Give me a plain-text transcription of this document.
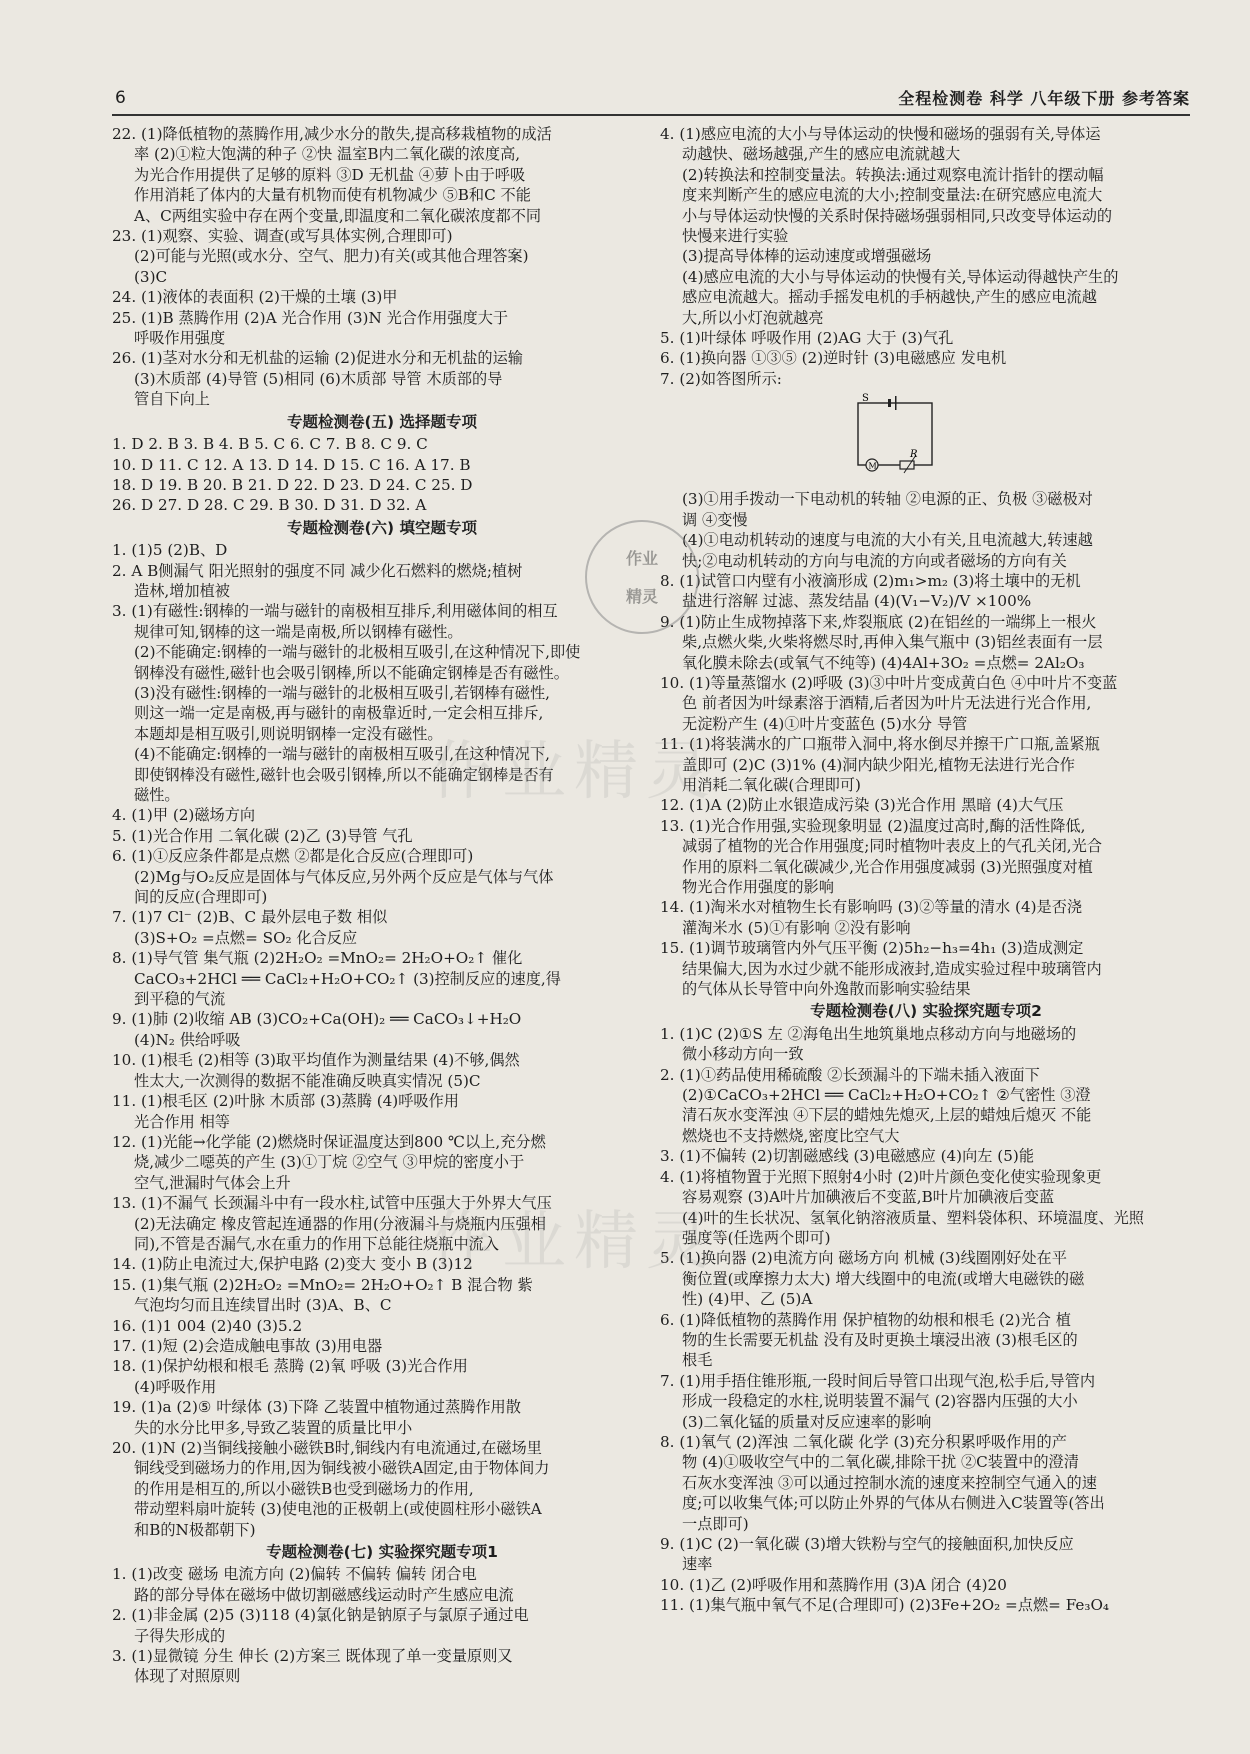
6	全程检测卷 科学 八年级下册 参考答案
22. (1)降低植物的蒸腾作用,减少水分的散失,提高移栽植物的成活
率 (2)①粒大饱满的种子 ②快 温室B内二氧化碳的浓度高,
为光合作用提供了足够的原料 ③D 无机盐 ④萝卜由于呼吸
作用消耗了体内的大量有机物而使有机物减少 ⑤B和C 不能
A、C两组实验中存在两个变量,即温度和二氧化碳浓度都不同
23. (1)观察、实验、调查(或写具体实例,合理即可)
(2)可能与光照(或水分、空气、肥力)有关(或其他合理答案)
(3)C
24. (1)液体的表面积 (2)干燥的土壤 (3)甲
25. (1)B 蒸腾作用 (2)A 光合作用 (3)N 光合作用强度大于
呼吸作用强度
26. (1)茎对水分和无机盐的运输 (2)促进水分和无机盐的运输
(3)木质部 (4)导管 (5)相同 (6)木质部 导管 木质部的导
管自下向上
专题检测卷(五) 选择题专项
1. D 2. B 3. B 4. B 5. C 6. C 7. B 8. C 9. C
10. D 11. C 12. A 13. D 14. D 15. C 16. A 17. B
18. D 19. B 20. B 21. D 22. D 23. D 24. C 25. D
26. D 27. D 28. C 29. B 30. D 31. D 32. A
专题检测卷(六) 填空题专项
1. (1)5 (2)B、D
2. A B侧漏气 阳光照射的强度不同 减少化石燃料的燃烧;植树
造林,增加植被
3. (1)有磁性:钢棒的一端与磁针的南极相互排斥,利用磁体间的相互
规律可知,钢棒的这一端是南极,所以钢棒有磁性。
(2)不能确定:钢棒的一端与磁针的北极相互吸引,在这种情况下,即使
钢棒没有磁性,磁针也会吸引钢棒,所以不能确定钢棒是否有磁性。
(3)没有磁性:钢棒的一端与磁针的北极相互吸引,若钢棒有磁性,
则这一端一定是南极,再与磁针的南极靠近时,一定会相互排斥,
本题却是相互吸引,则说明钢棒一定没有磁性。
(4)不能确定:钢棒的一端与磁针的南极相互吸引,在这种情况下,
即使钢棒没有磁性,磁针也会吸引钢棒,所以不能确定钢棒是否有
磁性。
4. (1)甲 (2)磁场方向
5. (1)光合作用 二氧化碳 (2)乙 (3)导管 气孔
6. (1)①反应条件都是点燃 ②都是化合反应(合理即可)
(2)Mg与O₂反应是固体与气体反应,另外两个反应是气体与气体
间的反应(合理即可)
7. (1)7 Cl⁻ (2)B、C 最外层电子数 相似
(3)S+O₂ =点燃= SO₂ 化合反应
8. (1)导气管 集气瓶 (2)2H₂O₂ =MnO₂= 2H₂O+O₂↑ 催化
CaCO₃+2HCl ══ CaCl₂+H₂O+CO₂↑ (3)控制反应的速度,得
到平稳的气流
9. (1)肺 (2)收缩 AB (3)CO₂+Ca(OH)₂ ══ CaCO₃↓+H₂O
(4)N₂ 供给呼吸
10. (1)根毛 (2)相等 (3)取平均值作为测量结果 (4)不够,偶然
性太大,一次测得的数据不能准确反映真实情况 (5)C
11. (1)根毛区 (2)叶脉 木质部 (3)蒸腾 (4)呼吸作用
光合作用 相等
12. (1)光能→化学能 (2)燃烧时保证温度达到800 ℃以上,充分燃
烧,减少二噁英的产生 (3)①丁烷 ②空气 ③甲烷的密度小于
空气,泄漏时气体会上升
13. (1)不漏气 长颈漏斗中有一段水柱,试管中压强大于外界大气压
(2)无法确定 橡皮管起连通器的作用(分液漏斗与烧瓶内压强相
同),不管是否漏气,水在重力的作用下总能往烧瓶中流入
14. (1)防止电流过大,保护电路 (2)变大 变小 B (3)12
15. (1)集气瓶 (2)2H₂O₂ =MnO₂= 2H₂O+O₂↑ B 混合物 紫
气泡均匀而且连续冒出时 (3)A、B、C
16. (1)1 004 (2)40 (3)5.2
17. (1)短 (2)会造成触电事故 (3)用电器
18. (1)保护幼根和根毛 蒸腾 (2)氧 呼吸 (3)光合作用
(4)呼吸作用
19. (1)a (2)⑤ 叶绿体 (3)下降 乙装置中植物通过蒸腾作用散
失的水分比甲多,导致乙装置的质量比甲小
20. (1)N (2)当铜线接触小磁铁B时,铜线内有电流通过,在磁场里
铜线受到磁场力的作用,因为铜线被小磁铁A固定,由于物体间力
的作用是相互的,所以小磁铁B也受到磁场力的作用,
带动塑料扇叶旋转 (3)使电池的正极朝上(或使圆柱形小磁铁A
和B的N极都朝下)
专题检测卷(七) 实验探究题专项1
1. (1)改变 磁场 电流方向 (2)偏转 不偏转 偏转 闭合电
路的部分导体在磁场中做切割磁感线运动时产生感应电流
2. (1)非金属 (2)5 (3)118 (4)氯化钠是钠原子与氯原子通过电
子得失形成的
3. (1)显微镜 分生 伸长 (2)方案三 既体现了单一变量原则又
体现了对照原则
4. (1)感应电流的大小与导体运动的快慢和磁场的强弱有关,导体运
动越快、磁场越强,产生的感应电流就越大
(2)转换法和控制变量法。转换法:通过观察电流计指针的摆动幅
度来判断产生的感应电流的大小;控制变量法:在研究感应电流大
小与导体运动快慢的关系时保持磁场强弱相同,只改变导体运动的
快慢来进行实验
(3)提高导体棒的运动速度或增强磁场
(4)感应电流的大小与导体运动的快慢有关,导体运动得越快产生的
感应电流越大。摇动手摇发电机的手柄越快,产生的感应电流越
大,所以小灯泡就越亮
5. (1)叶绿体 呼吸作用 (2)AG 大于 (3)气孔
6. (1)换向器 ①③⑤ (2)逆时针 (3)电磁感应 发电机
7. (2)如答图所示:
S
R
M
(3)①用手拨动一下电动机的转轴 ②电源的正、负极 ③磁极对
调 ④变慢
(4)①电动机转动的速度与电流的大小有关,且电流越大,转速越
快;②电动机转动的方向与电流的方向或者磁场的方向有关
8. (1)试管口内壁有小液滴形成 (2)m₁>m₂ (3)将土壤中的无机
盐进行溶解 过滤、蒸发结晶 (4)(V₁−V₂)/V ×100%
9. (1)防止生成物掉落下来,炸裂瓶底 (2)在铝丝的一端绑上一根火
柴,点燃火柴,火柴将燃尽时,再伸入集气瓶中 (3)铝丝表面有一层
氧化膜未除去(或氧气不纯等) (4)4Al+3O₂ =点燃= 2Al₂O₃
10. (1)等量蒸馏水 (2)呼吸 (3)③中叶片变成黄白色 ④中叶片不变蓝
色 前者因为叶绿素溶于酒精,后者因为叶片无法进行光合作用,
无淀粉产生 (4)①叶片变蓝色 (5)水分 导管
11. (1)将装满水的广口瓶带入洞中,将水倒尽并擦干广口瓶,盖紧瓶
盖即可 (2)C (3)1% (4)洞内缺少阳光,植物无法进行光合作
用消耗二氧化碳(合理即可)
12. (1)A (2)防止水银造成污染 (3)光合作用 黑暗 (4)大气压
13. (1)光合作用强,实验现象明显 (2)温度过高时,酶的活性降低,
减弱了植物的光合作用强度;同时植物叶表皮上的气孔关闭,光合
作用的原料二氧化碳减少,光合作用强度减弱 (3)光照强度对植
物光合作用强度的影响
14. (1)淘米水对植物生长有影响吗 (3)②等量的清水 (4)是否浇
灌淘米水 (5)①有影响 ②没有影响
15. (1)调节玻璃管内外气压平衡 (2)5h₂−h₃=4h₁ (3)造成测定
结果偏大,因为水过少就不能形成液封,造成实验过程中玻璃管内
的气体从长导管中向外逸散而影响实验结果
专题检测卷(八) 实验探究题专项2
1. (1)C (2)①S 左 ②海龟出生地筑巢地点移动方向与地磁场的
微小移动方向一致
2. (1)①药品使用稀硫酸 ②长颈漏斗的下端未插入液面下
(2)①CaCO₃+2HCl ══ CaCl₂+H₂O+CO₂↑ ②气密性 ③澄
清石灰水变浑浊 ④下层的蜡烛先熄灭,上层的蜡烛后熄灭 不能
燃烧也不支持燃烧,密度比空气大
3. (1)不偏转 (2)切割磁感线 (3)电磁感应 (4)向左 (5)能
4. (1)将植物置于光照下照射4小时 (2)叶片颜色变化使实验现象更
容易观察 (3)A叶片加碘液后不变蓝,B叶片加碘液后变蓝
(4)叶的生长状况、氢氧化钠溶液质量、塑料袋体积、环境温度、光照
强度等(任选两个即可)
5. (1)换向器 (2)电流方向 磁场方向 机械 (3)线圈刚好处在平
衡位置(或摩擦力太大) 增大线圈中的电流(或增大电磁铁的磁
性) (4)甲、乙 (5)A
6. (1)降低植物的蒸腾作用 保护植物的幼根和根毛 (2)光合 植
物的生长需要无机盐 没有及时更换土壤浸出液 (3)根毛区的
根毛
7. (1)用手捂住锥形瓶,一段时间后导管口出现气泡,松手后,导管内
形成一段稳定的水柱,说明装置不漏气 (2)容器内压强的大小
(3)二氧化锰的质量对反应速率的影响
8. (1)氧气 (2)浑浊 二氧化碳 化学 (3)充分积累呼吸作用的产
物 (4)①吸收空气中的二氧化碳,排除干扰 ②C装置中的澄清
石灰水变浑浊 ③可以通过控制水流的速度来控制空气通入的速
度;可以收集气体;可以防止外界的气体从右侧进入C装置等(答出
一点即可)
9. (1)C (2)一氧化碳 (3)增大铁粉与空气的接触面积,加快反应
速率
10. (1)乙 (2)呼吸作用和蒸腾作用 (3)A 闭合 (4)20
11. (1)集气瓶中氧气不足(合理即可) (2)3Fe+2O₂ =点燃= Fe₃O₄
作业
精灵
作业精灵
作业精灵
